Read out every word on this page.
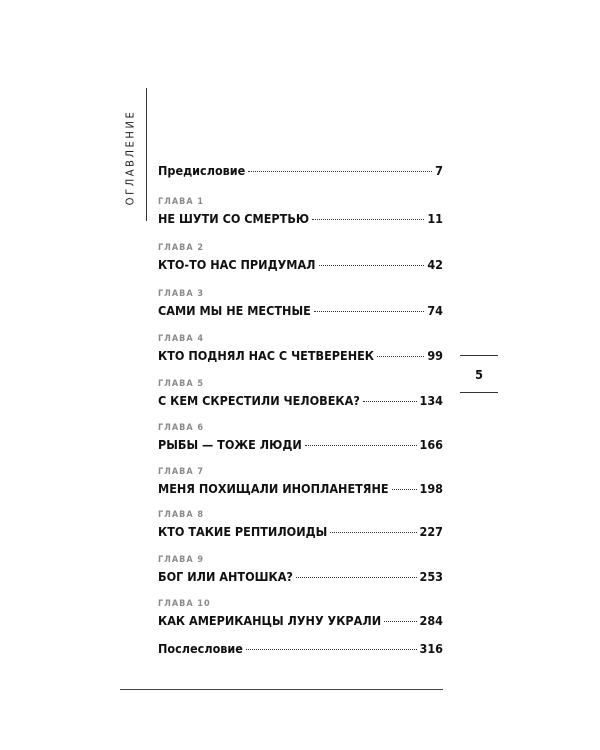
ОГЛАВЛЕНИЕ Предисловие	7
ГЛАВА 1
НЕ ШУТИ СО СМЕРТЬЮ	11
ГЛАВА 2
КТО-ТО НАС ПРИДУМАЛ	42
ГЛАВА 3
САМИ МЫ НЕ МЕСТНЫЕ	74
ГЛАВА 4
КТО ПОДНЯЛ НАС С ЧЕТВЕРЕНЕК	99
ГЛАВА 5
С КЕМ СКРЕСТИЛИ ЧЕЛОВЕКА?	134
ГЛАВА 6
РЫБЫ — ТОЖЕ ЛЮДИ	166
ГЛАВА 7
МЕНЯ ПОХИЩАЛИ ИНОПЛАНЕТЯНЕ 198
ГЛАВА 8
КТО ТАКИЕ РЕПТИЛОИДЫ	227
ГЛАВА 9
БОГ ИЛИ АНТОШКА?	253
ГЛАВА 10
КАК АМЕРИКАНЦЫ ЛУНУ УКРАЛИ	284
Послесловие	316
5
